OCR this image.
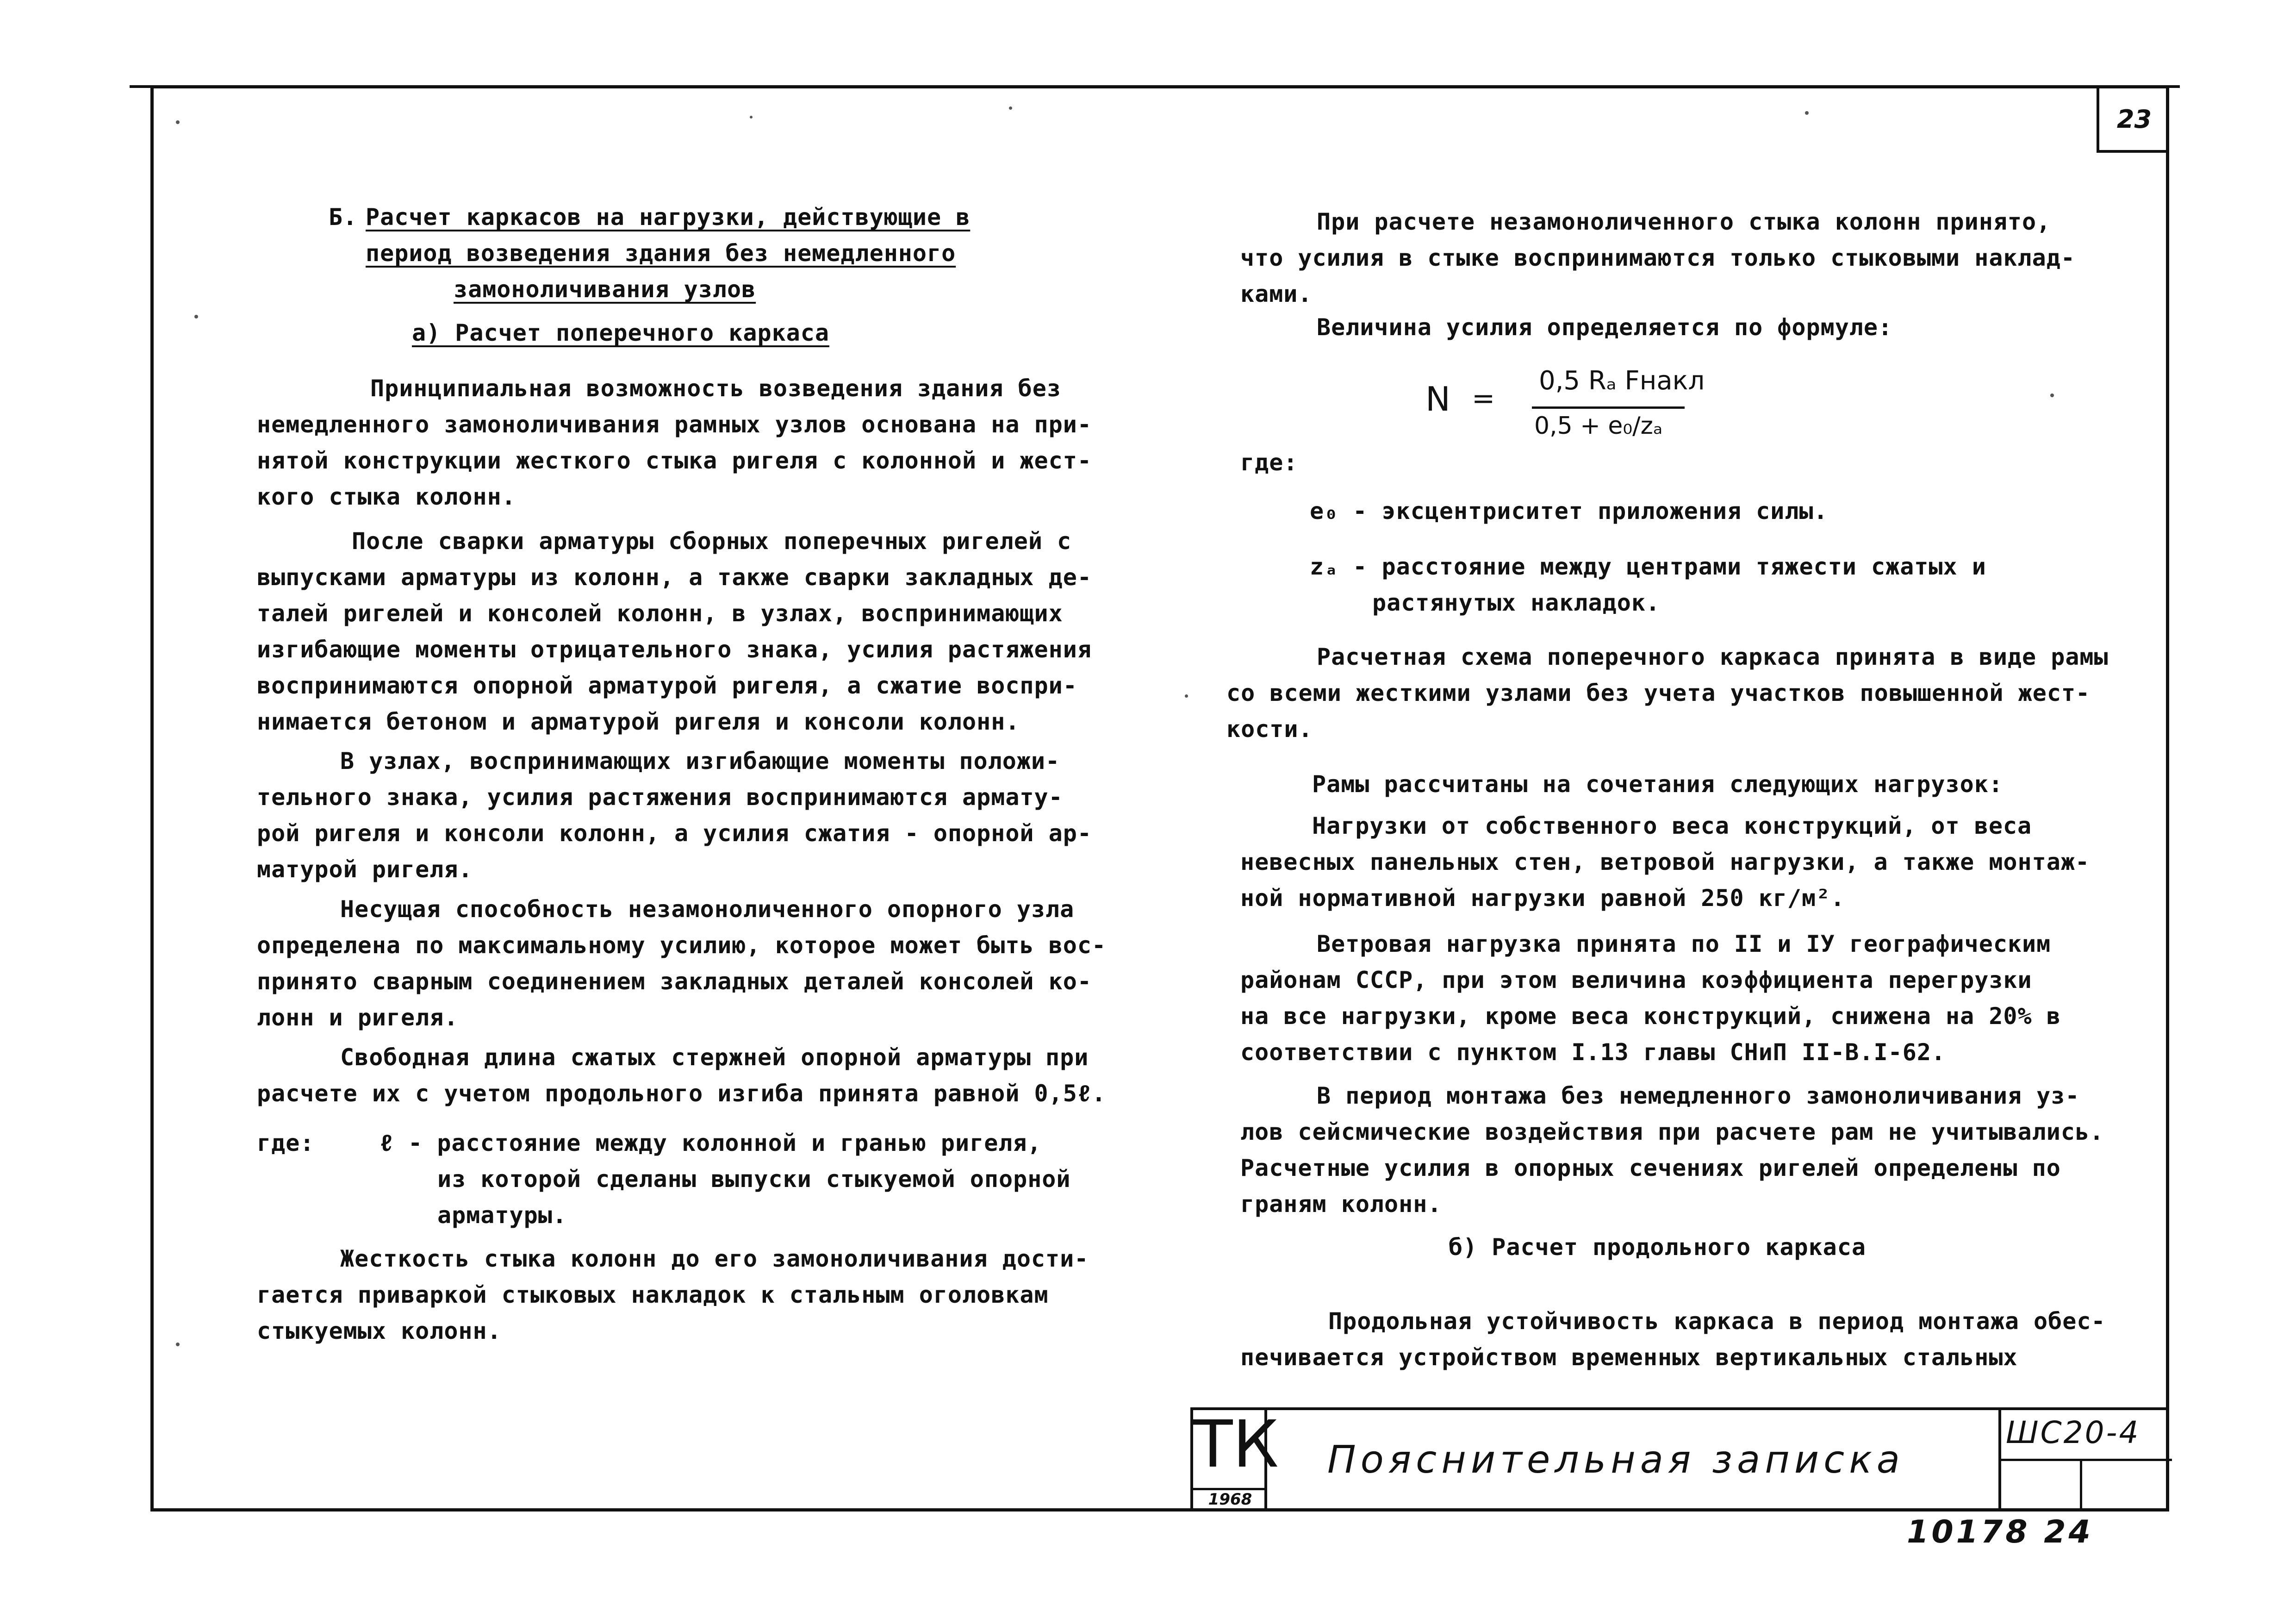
23
Б. Расчет каркасов на нагрузки, действующие в
период возведения здания без немедленного
замоноличивания узлов
а) Расчет поперечного каркаса
Принципиальная возможность возведения здания без
немедленного замоноличивания рамных узлов основана на при-
нятой конструкции жесткого стыка ригеля с колонной и жест-
кого стыка колонн.
После сварки арматуры сборных поперечных ригелей с
выпусками арматуры из колонн, а также сварки закладных де-
талей ригелей и консолей колонн, в узлах, воспринимающих
изгибающие моменты отрицательного знака, усилия растяжения
воспринимаются опорной арматурой ригеля, а сжатие воспри-
нимается бетоном и арматурой ригеля и консоли колонн.
В узлах, воспринимающих изгибающие моменты положи-
тельного знака, усилия растяжения воспринимаются армату-
рой ригеля и консоли колонн, а усилия сжатия - опорной ар-
матурой ригеля.
Несущая способность незамоноличенного опорного узла
определена по максимальному усилию, которое может быть вос-
принято сварным соединением закладных деталей консолей ко-
лонн и ригеля.
Свободная длина сжатых стержней опорной арматуры при
расчете их с учетом продольного изгиба принята равной 0,5ℓ.
где:	ℓ - расстояние между колонной и гранью ригеля,
из которой сделаны выпуски стыкуемой опорной
арматуры.
Жесткость стыка колонн до его замоноличивания дости-
гается приваркой стыковых накладок к стальным оголовкам
стыкуемых колонн.
При расчете незамоноличенного стыка колонн принято,
что усилия в стыке воспринимаются только стыковыми наклад-
ками.
Величина усилия определяется по формуле:
N =
0,5 Rₐ Fнакл
0,5 + e₀/zₐ
где:
e₀ - эксцентриситет приложения силы.
zₐ - расстояние между центрами тяжести сжатых и
растянутых накладок.
Расчетная схема поперечного каркаса принята в виде рамы
со всеми жесткими узлами без учета участков повышенной жест-
кости.
Рамы рассчитаны на сочетания следующих нагрузок:
Нагрузки от собственного веса конструкций, от веса
невесных панельных стен, ветровой нагрузки, а также монтаж-
ной нормативной нагрузки равной 250 кг/м².
Ветровая нагрузка принята по II и IУ географическим
районам СССР, при этом величина коэффициента перегрузки
на все нагрузки, кроме веса конструкций, снижена на 20% в
соответствии с пунктом I.13 главы СНиП II-В.I-62.
В период монтажа без немедленного замоноличивания уз-
лов сейсмические воздействия при расчете рам не учитывались.
Расчетные усилия в опорных сечениях ригелей определены по
граням колонн.
б) Расчет продольного каркаса
Продольная устойчивость каркаса в период монтажа обес-
печивается устройством временных вертикальных стальных
ТК
1968
Пояснительная записка
ШС20-4
10178 24
